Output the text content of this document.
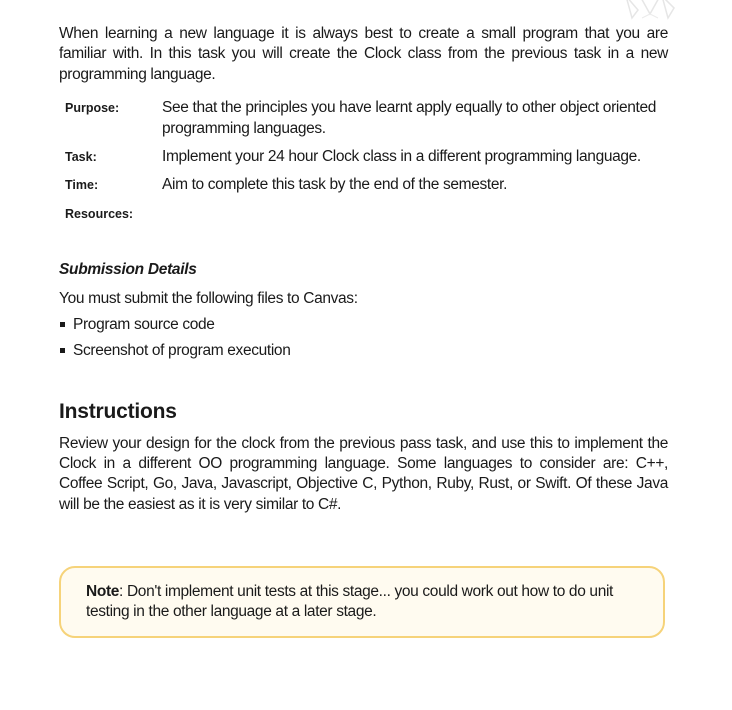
When learning a new language it is always best to create a small program that you are familiar with. In this task you will create the Clock class from the previous task in a new programming language.

Purpose:	See that the principles you have learnt apply equally to other object oriented programming languages.
Task:	Implement your 24 hour Clock class in a different programming language.
Time:	Aim to complete this task by the end of the semester.
Resources:
Submission Details

You must submit the following files to Canvas:

Program source code
Screenshot of program execution
Instructions

Review your design for the clock from the previous pass task, and use this to implement the Clock in a different OO programming language. Some languages to consider are: C++, Coffee Script, Go, Java, Javascript, Objective C, Python, Ruby, Rust, or Swift. Of these Java will be the easiest as it is very similar to C#.

Note: Don't implement unit tests at this stage... you could work out how to do unit testing in the other language at a later stage.
